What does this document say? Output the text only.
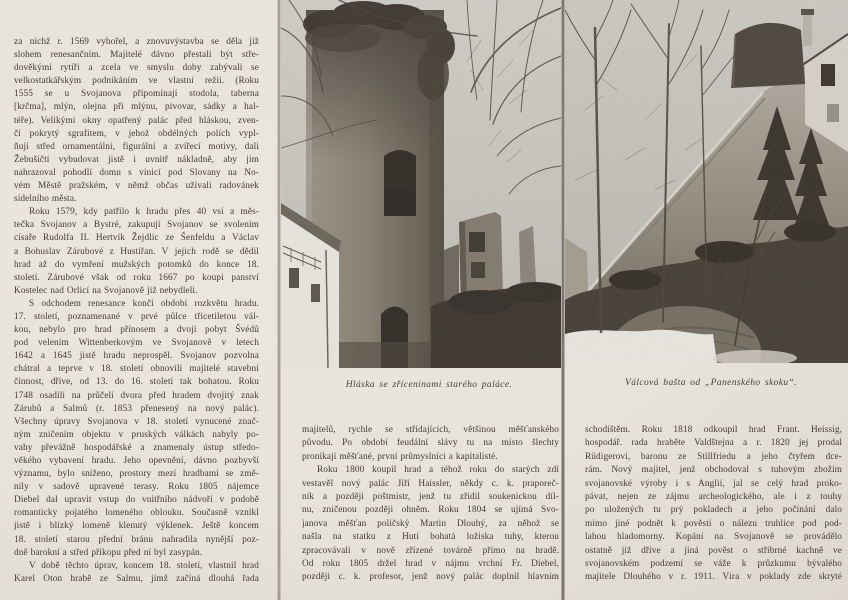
za nichž r. 1569 vyhořel, a znovuvýstavba se děla již
slohem renesančním. Majitelé dávno přestali být stře-
dověkými rytíři a zcela ve smyslu doby zabývali se
velkostatkářským podnikáním ve vlastní režii. (Roku
1555 se u Svojanova připomínají stodola, taberna
[krčma], mlýn, olejna při mlýnu, pivovar, sádky a hal-
téře). Velikými okny opatřený palác před hláskou, zven-
čí pokrytý sgrafitem, v jehož obdélných polích vypl-
ňují střed ornamentální, figurální a zvířecí motivy, dali
Žebušičtí vybudovat jistě i uvnitř nákladně, aby jim
nahrazoval pohodlí domu s vinicí pod Slovany na No-
vém Městě pražském, v němž občas užívali radovánek
sídelního města.
Roku 1579, kdy patřilo k hradu přes 40 vsí a měs-
tečka Svojanov a Bystré, zakupují Svojanov se svolením
císaře Rudolfa II. Hertvík Žejdlic ze Šenfeldu a Václav
a Bohuslav Zárubové z Hustířan. V jejich rodě se dědil
hrad až do vymření mužských potomků do konce 18.
století. Zárubové však od roku 1667 po koupi panství
Kostelec nad Orlicí na Svojanově již nebydleli.
S odchodem renesance končí období rozkvětu hradu.
17. století, poznamenané v prvé půlce třicetiletou vál-
kou, nebylo pro hrad přínosem a dvojí pobyt Švédů
pod velením Wittenberkovým ve Svojanově v letech
1642 a 1645 jistě hradu neprospěl. Svojanov pozvolna
chátral a teprve v 18. století obnovili majitelé stavební
činnost, dříve, od 13. do 16. století tak bohatou. Roku
1748 osadili na průčelí dvora před hradem dvojitý znak
Zárubů a Salmů (r. 1853 přenesený na nový palác).
Všechny úpravy Svojanova v 18. století vynucené znač-
ným zničením objektu v pruských válkách nabyly po-
vahy převážně hospodářské a znamenaly ústup středo-
věkého vybavení hradu. Jeho opevnění, dávno pozbyvší
významu, bylo sníženo, prostory mezi hradbami se změ-
nily v sadově upravené terasy. Roku 1805 nájemce
Diebel dal upravit vstup do vnitřního nádvoří v podobě
romanticky pojatého lomeného oblouku. Současně vznikl
jistě i blízký lomeně klenutý výklenek. Ještě koncem
18. století starou přední bránu nahradila nynější poz-
dně barokní a střed příkopu před ní byl zasypán.
V době těchto úprav, koncem 18. století, vlastnil hrad
Karel Oton hrabě ze Salmu, jímž začíná dlouhá řada
Hláska se zříceninami starého paláce.
majitelů, rychle se střídajících, většinou měšťanského
původu. Po období feudální slávy tu na místo šlechty
pronikají měšťané, první průmyslníci a kapitalisté.
Roku 1800 koupil hrad a téhož roku do starých zdí
vestavěl nový palác Jiří Haissler, někdy c. k. praporeč-
ník a později poštmistr, jenž tu zřídil soukenickou díl-
nu, zničenou později ohněm. Roku 1804 se ujímá Svo-
janova měšťan poličský Martin Dlouhý, za něhož se
našla na statku z Hutí bohatá ložiska tuhy, kterou
zpracovávali v nově zřízené továrně přímo na hradě.
Od roku 1805 držel hrad v nájmu vrchní Fr. Diebel,
později c. k. profesor, jenž nový palác doplnil hlavním
Válcová bašta od „Panenského skoku“.
schodištěm. Roku 1818 odkoupil hrad Frant. Heissig,
hospodář. rada hraběte Valdštejna a r. 1820 jej prodal
Rüdigerovi, baronu ze Stillfriedu a jeho čtyřem dce-
rám. Nový majitel, jenž obchodoval s tuhovým zbožím
svojanovské výroby i s Anglií, jal se celý hrad proko-
pávat, nejen ze zájmu archeologického, ale i z touhy
po uložených tu prý pokladech a jeho počínání dalo
mimo jiné podnět k pověsti o nálezu truhlice pod pod-
lahou hladomorny. Kopání na Svojanově se provádělo
ostatně již dříve a jiná pověst o stříbrné kachně ve
svojanovském podzemí se váže k průzkumu bývalého
majitele Dlouhého v r. 1911. Víra v poklady zde skryté
